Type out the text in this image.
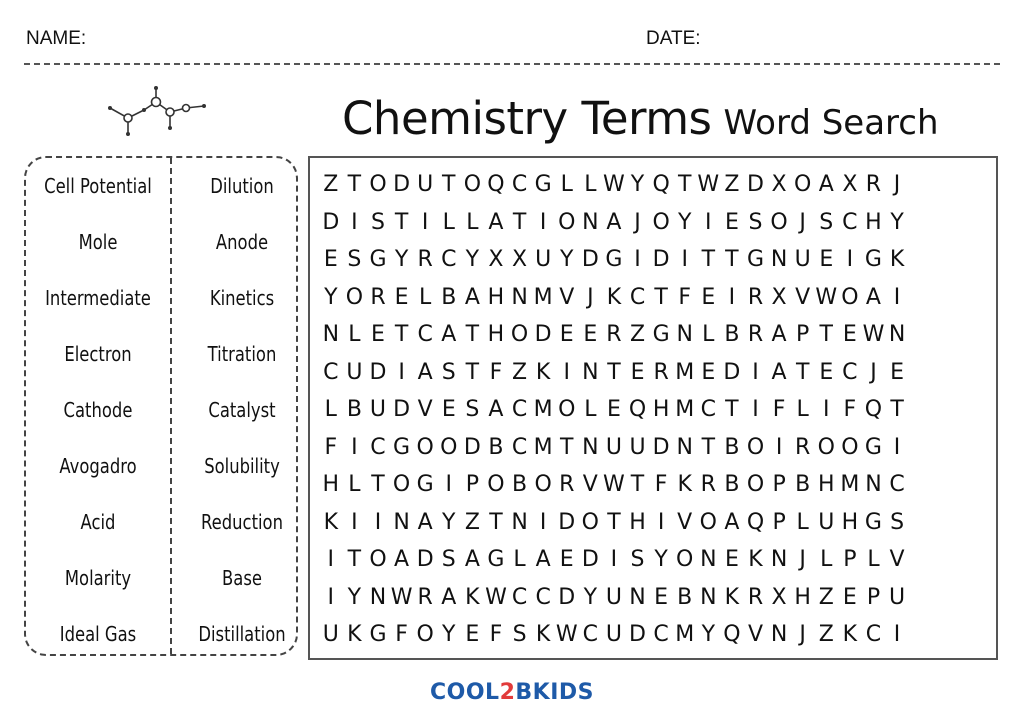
NAME:	DATE:
Chemistry Terms Word Search
Cell Potential
Mole
Intermediate
Electron
Cathode
Avogadro
Acid
Molarity
Ideal Gas
Dilution
Anode
Kinetics
Titration
Catalyst
Solubility
Reduction
Base
Distillation
Z T O D U T O Q C G L L W Y Q T W Z D X O A X R J
D I S T I L L A T I O N A J O Y I E S O J S C H Y
E S G Y R C Y X X U Y D G I D I T T G N U E I G K
Y O R E L B A H N M V J K C T F E I R X V W O A I
N L E T C A T H O D E E R Z G N L B R A P T E W N
C U D I A S T F Z K I N T E R M E D I A T E C J E
L B U D V E S A C M O L E Q H M C T I F L I F Q T
F I C G O O D B C M T N U U D N T B O I R O O G I
H L T O G I P O B O R V W T F K R B O P B H M N C
K I I N A Y Z T N I D O T H I V O A Q P L U H G S
I T O A D S A G L A E D I S Y O N E K N J L P L V
I Y N W R A K W C C D Y U N E B N K R X H Z E P U
U K G F O Y E F S K W C U D C M Y Q V N J Z K C I
COOL2BKIDS
